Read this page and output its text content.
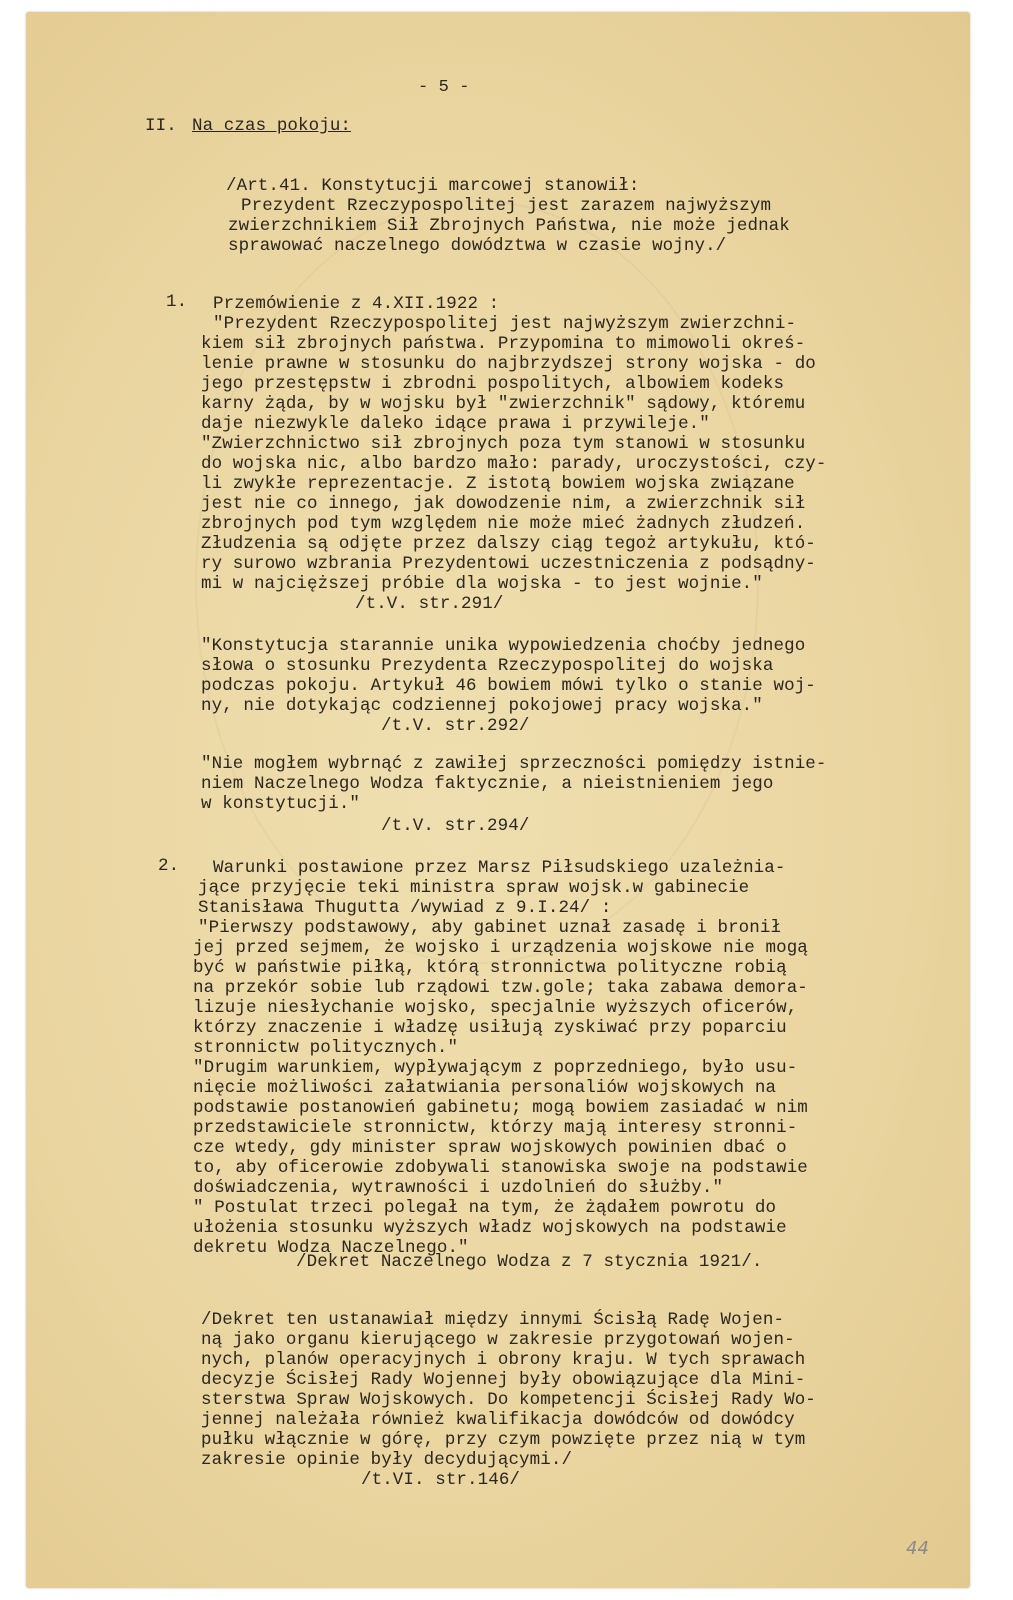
- 5 -

II. Na czas pokoju:

/Art.41. Konstytucji marcowej stanowił:

Prezydent Rzeczypospolitej jest zarazem najwyższym

zwierzchnikiem Sił Zbrojnych Państwa, nie może jednak

sprawować naczelnego dowództwa w czasie wojny./

1. Przemówienie z 4.XII.1922 :

"Prezydent Rzeczypospolitej jest najwyższym zwierzchni-

kiem sił zbrojnych państwa. Przypomina to mimowoli okreś-

lenie prawne w stosunku do najbrzydszej strony wojska - do

jego przestępstw i zbrodni pospolitych, albowiem kodeks

karny żąda, by w wojsku był "zwierzchnik" sądowy, któremu

daje niezwykle daleko idące prawa i przywileje."

"Zwierzchnictwo sił zbrojnych poza tym stanowi w stosunku

do wojska nic, albo bardzo mało: parady, uroczystości, czy-

li zwykłe reprezentacje. Z istotą bowiem wojska związane

jest nie co innego, jak dowodzenie nim, a zwierzchnik sił

zbrojnych pod tym względem nie może mieć żadnych złudzeń.

Złudzenia są odjęte przez dalszy ciąg tegoż artykułu, któ-

ry surowo wzbrania Prezydentowi uczestniczenia z podsądny-

mi w najcięższej próbie dla wojska - to jest wojnie."

/t.V. str.291/

"Konstytucja starannie unika wypowiedzenia choćby jednego

słowa o stosunku Prezydenta Rzeczypospolitej do wojska

podczas pokoju. Artykuł 46 bowiem mówi tylko o stanie woj-

ny, nie dotykając codziennej pokojowej pracy wojska."

/t.V. str.292/

"Nie mogłem wybrnąć z zawiłej sprzeczności pomiędzy istnie-

niem Naczelnego Wodza faktycznie, a nieistnieniem jego

w konstytucji."

/t.V. str.294/

2. Warunki postawione przez Marsz Piłsudskiego uzależnia-

jące przyjęcie teki ministra spraw wojsk.w gabinecie

Stanisława Thugutta /wywiad z 9.I.24/ :

"Pierwszy podstawowy, aby gabinet uznał zasadę i bronił

jej przed sejmem, że wojsko i urządzenia wojskowe nie mogą

być w państwie piłką, którą stronnictwa polityczne robią

na przekór sobie lub rządowi tzw.gole; taka zabawa demora-

lizuje niesłychanie wojsko, specjalnie wyższych oficerów,

którzy znaczenie i władzę usiłują zyskiwać przy poparciu

stronnictw politycznych."

"Drugim warunkiem, wypływającym z poprzedniego, było usu-

nięcie możliwości załatwiania personaliów wojskowych na

podstawie postanowień gabinetu; mogą bowiem zasiadać w nim

przedstawiciele stronnictw, którzy mają interesy stronni-

cze wtedy, gdy minister spraw wojskowych powinien dbać o

to, aby oficerowie zdobywali stanowiska swoje na podstawie

doświadczenia, wytrawności i uzdolnień do służby."

" Postulat trzeci polegał na tym, że żądałem powrotu do

ułożenia stosunku wyższych władz wojskowych na podstawie

dekretu Wodza Naczelnego."

/Dekret Naczelnego Wodza z 7 stycznia 1921/.

/Dekret ten ustanawiał między innymi Ścisłą Radę Wojen-

ną jako organu kierującego w zakresie przygotowań wojen-

nych, planów operacyjnych i obrony kraju. W tych sprawach

decyzje Ścisłej Rady Wojennej były obowiązujące dla Mini-

sterstwa Spraw Wojskowych. Do kompetencji Ścisłej Rady Wo-

jennej należała również kwalifikacja dowódców od dowódcy

pułku włącznie w górę, przy czym powzięte przez nią w tym

zakresie opinie były decydującymi./

/t.VI. str.146/

44
